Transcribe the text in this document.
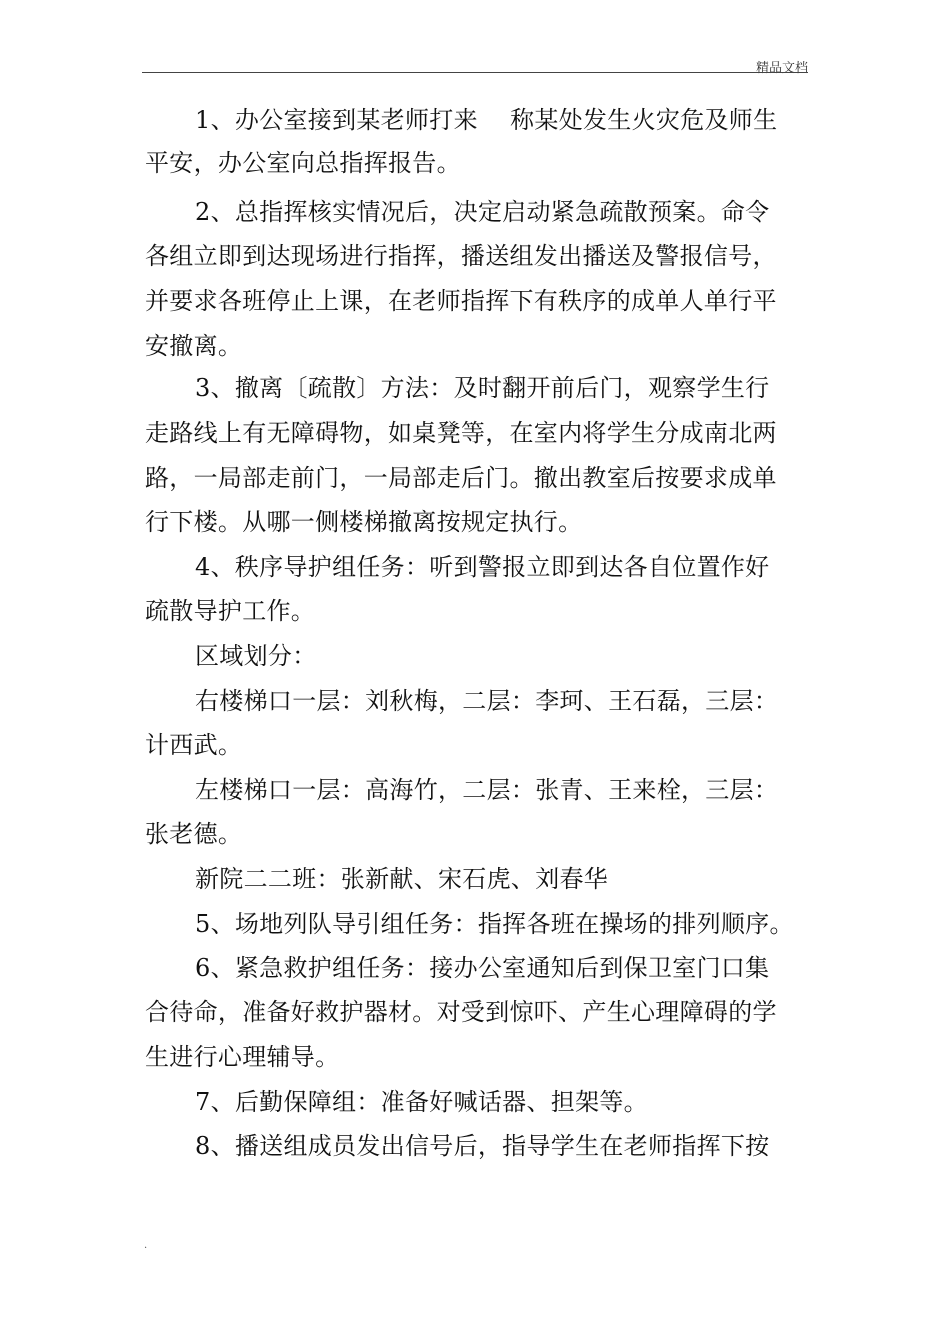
精品文档
1、办公室接到某老师打来　 称某处发生火灾危及师生
平安，办公室向总指挥报告。
2、总指挥核实情况后，决定启动紧急疏散预案。命令
各组立即到达现场进行指挥，播送组发出播送及警报信号，
并要求各班停止上课，在老师指挥下有秩序的成单人单行平
安撤离。
3、撤离〔疏散〕方法：及时翻开前后门，观察学生行
走路线上有无障碍物，如桌凳等，在室内将学生分成南北两
路，一局部走前门，一局部走后门。撤出教室后按要求成单
行下楼。从哪一侧楼梯撤离按规定执行。
4、秩序导护组任务：听到警报立即到达各自位置作好
疏散导护工作。
区域划分：
右楼梯口一层：刘秋梅，二层：李珂、王石磊，三层：
计西武。
左楼梯口一层：高海竹，二层：张青、王来栓，三层：
张老德。
新院二二班：张新献、宋石虎、刘春华
5、场地列队导引组任务：指挥各班在操场的排列顺序。
6、紧急救护组任务：接办公室通知后到保卫室门口集
合待命，准备好救护器材。对受到惊吓、产生心理障碍的学
生进行心理辅导。
7、后勤保障组：准备好喊话器、担架等。
8、播送组成员发出信号后，指导学生在老师指挥下按
.
